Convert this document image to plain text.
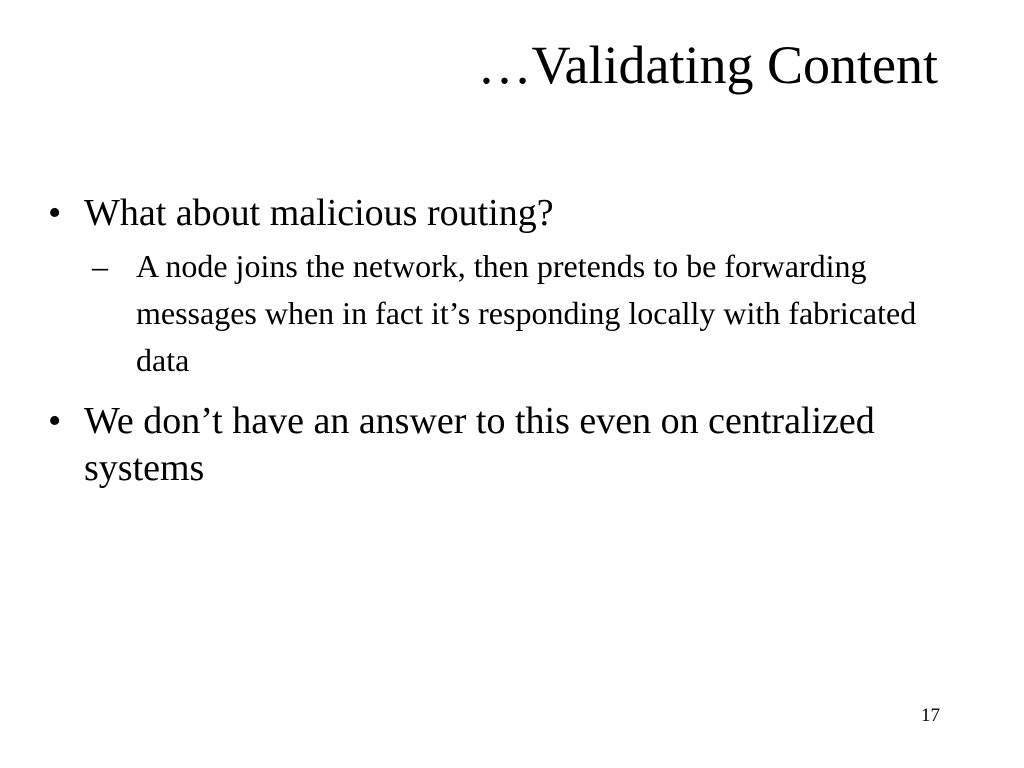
…Validating Content
• What about malicious routing?
– A node joins the network, then pretends to be forwarding messages when in fact it’s responding locally with fabricated data
• We don’t have an answer to this even on centralized systems
17
